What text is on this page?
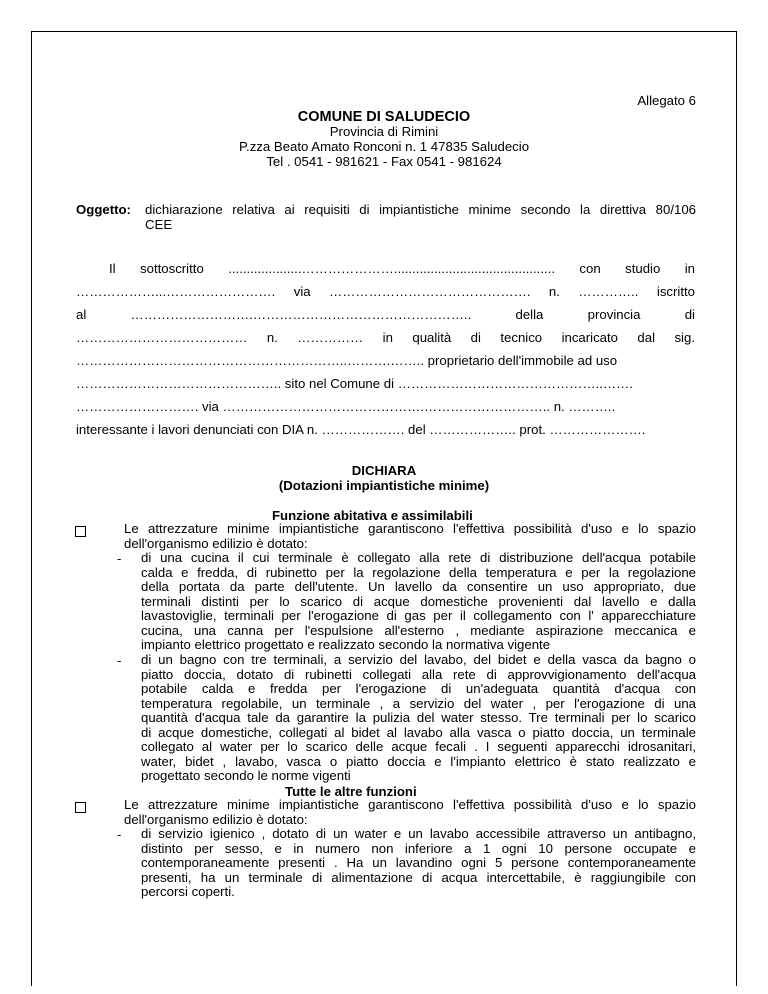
Allegato 6
COMUNE DI SALUDECIO
Provincia di Rimini
P.zza Beato Amato Ronconi n. 1 47835 Saludecio
Tel . 0541 - 981621 - Fax 0541 - 981624
Oggetto: dichiarazione relativa ai requisiti di impiantistiche minime secondo la direttiva 80/106
CEE
Il sottoscritto ....................…………………............................................ con studio in
………………...……………………. via ………………………………………. n. ………….. iscritto
al ……………………….………………………………………….. della provincia di
………………………………… n. …………… in qualità di tecnico incaricato dal sig.
……………………………………………………..……….…….. proprietario dell'immobile ad uso
……………………………………….. sito nel Comune di ………………………………………..…….
………………………. via ……………………………………….……………………….. n. ………..
interessante i lavori denunciati con DIA n. ………………. del ……………….. prot. ………………….
DICHIARA
(Dotazioni impiantistiche minime)
Funzione abitativa e assimilabili
Le attrezzature minime impiantistiche garantiscono l'effettiva possibilità d'uso e lo spazio
dell'organismo edilizio è dotato:
- di una cucina il cui terminale è collegato alla rete di distribuzione dell'acqua potabile
calda e fredda, di rubinetto per la regolazione della temperatura e per la regolazione
della portata da parte dell'utente. Un lavello da consentire un uso appropriato, due
terminali distinti per lo scarico di acque domestiche provenienti dal lavello e dalla
lavastoviglie, terminali per l'erogazione di gas per il collegamento con l' apparecchiature
cucina, una canna per l'espulsione all'esterno , mediante aspirazione meccanica e
impianto elettrico progettato e realizzato secondo la normativa vigente
- di un bagno con tre terminali, a servizio del lavabo, del bidet e della vasca da bagno o
piatto doccia, dotato di rubinetti collegati alla rete di approvvigionamento dell'acqua
potabile calda e fredda per l'erogazione di un'adeguata quantità d'acqua con
temperatura regolabile, un terminale , a servizio del water , per l'erogazione di una
quantità d'acqua tale da garantire la pulizia del water stesso. Tre terminali per lo scarico
di acque domestiche, collegati al bidet al lavabo alla vasca o piatto doccia, un terminale
collegato al water per lo scarico delle acque fecali . I seguenti apparecchi idrosanitari,
water, bidet , lavabo, vasca o piatto doccia e l'impianto elettrico è stato realizzato e
progettato secondo le norme vigenti
Tutte le altre funzioni
Le attrezzature minime impiantistiche garantiscono l'effettiva possibilità d'uso e lo spazio
dell'organismo edilizio è dotato:
- di servizio igienico , dotato di un water e un lavabo accessibile attraverso un antibagno,
distinto per sesso, e in numero non inferiore a 1 ogni 10 persone occupate e
contemporaneamente presenti . Ha un lavandino ogni 5 persone contemporaneamente
presenti, ha un terminale di alimentazione di acqua intercettabile, è raggiungibile con
percorsi coperti.
